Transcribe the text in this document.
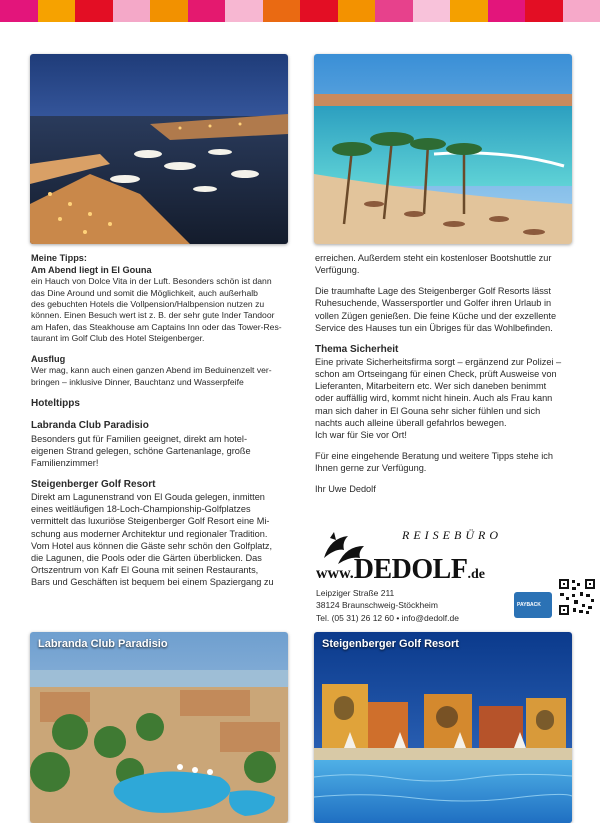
Meine Tipps:

Am Abend liegt in El Gouna

ein Hauch von Dolce Vita in der Luft. Besonders schön ist dann

das Dine Around und somit die Möglichkeit, auch außerhalb

des gebuchten Hotels die Vollpension/Halbpension nutzen zu

können. Einen Besuch wert ist z. B. der sehr gute Inder Tandoor

am Hafen, das Steakhouse am Captains Inn oder das Tower-Res-

taurant im Golf Club des Hotel Steigenberger.

Ausflug

Wer mag, kann auch einen ganzen Abend im Beduinenzelt ver-

bringen – inklusive Dinner, Bauchtanz und Wasserpfeife

Hoteltipps

Labranda Club Paradisio

Besonders gut für Familien geeignet, direkt am hotel-

eigenen Strand gelegen, schöne Gartenanlage, große

Familienzimmer!

Steigenberger Golf Resort

Direkt am Lagunenstrand von El Gouda gelegen, inmitten

eines weitläufigen 18-Loch-Championship-Golfplatzes

vermittelt das luxuriöse Steigenberger Golf Resort eine Mi-

schung aus moderner Architektur und regionaler Tradition.

Vom Hotel aus können die Gäste sehr schön den Golfplatz,

die Lagunen, die Pools oder die Gärten überblicken. Das

Ortszentrum von Kafr El Gouna mit seinen Restaurants,

Bars und Geschäften ist bequem bei einem Spaziergang zu

erreichen. Außerdem steht ein kostenloser Bootshuttle zur

Verfügung.

Die traumhafte Lage des Steigenberger Golf Resorts lässt

Ruhesuchende, Wassersportler und Golfer ihren Urlaub in

vollen Zügen genießen. Die feine Küche und der exzellente

Service des Hauses tun ein Übriges für das Wohlbefinden.

Thema Sicherheit

Eine private Sicherheitsfirma sorgt – ergänzend zur Polizei –

schon am Ortseingang für einen Check, prüft Ausweise von

Lieferanten, Mitarbeitern etc. Wer sich daneben benimmt

oder auffällig wird, kommt nicht hinein. Auch als Frau kann

man sich daher in El Gouna sehr sicher fühlen und sich

nachts auch alleine überall gefahrlos bewegen.

Ich war für Sie vor Ort!

Für eine eingehende Beratung und weitere Tipps stehe ich

Ihnen gerne zur Verfügung.

Ihr Uwe Dedolf

REISEBÜRO
www.DEDOLF.de

Leipziger Straße 211

38124 Braunschweig-Stöckheim

Tel. (05 31) 26 12 60 • info@dedolf.de

PAYBACK
Labranda Club Paradisio	Steigenberger Golf Resort
